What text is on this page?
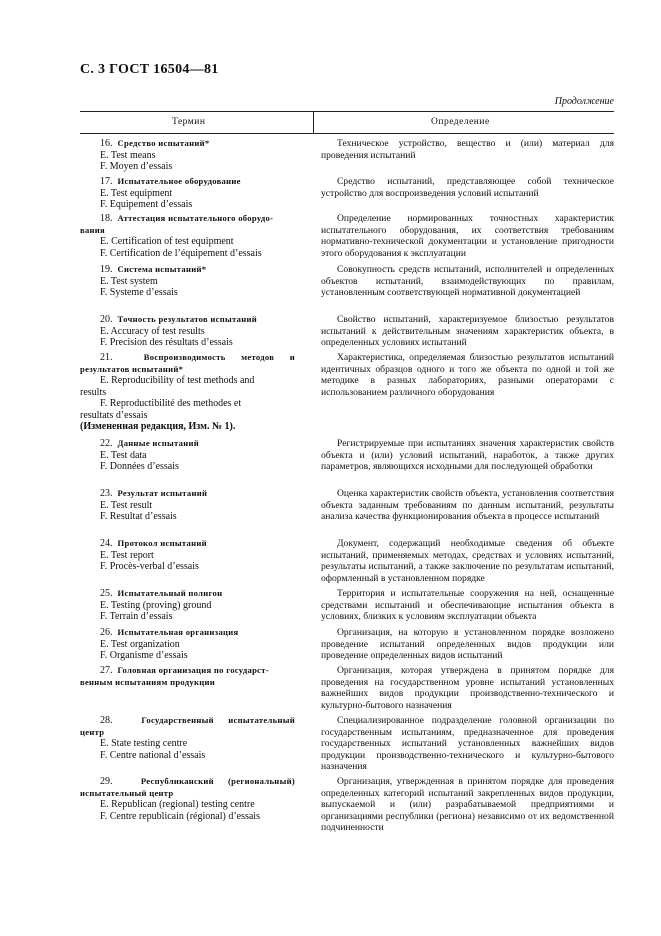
С. 3 ГОСТ 16504—81
Продолжение
Термин	Определение
16. Средство испытаний*
E. Test means
F. Moyen d’essais
Техническое устройство, вещество и (или) материал для проведения испытаний
17. Испытательное оборудование
E. Test equipment
F. Equipement d’essais
Средство испытаний, представляющее собой техническое устройство для воспроизведения условий испытаний
18. Аттестация испытательного оборудо-
вания
E. Certification of test equipment
F. Certification de l’équipement d’essais
Определение нормированных точностных характеристик испытательного оборудования, их соответствия требованиям нормативно-технической документации и установление пригодности этого оборудования к эксплуатации
19. Система испытаний*
E. Test system
F. Systeme d’essais
Совокупность средств испытаний, исполнителей и определенных объектов испытаний, взаимодействующих по правилам, установленным соответствующей нормативной документацией
20. Точность результатов испытаний
E. Accuracy of test results
F. Precision des résultats d’essais
Свойство испытаний, характеризуемое близостью результатов испытаний к действительным значениям характеристик объекта, в определенных условиях испытаний
21.	Воспроизводимость методов и
результатов испытаний*
E. Reproducibility of test methods and
results
F. Reproductibilité des methodes et
resultats d’essais
(Измененная редакция, Изм. № 1).
Характеристика, определяемая близостью результатов испытаний идентичных образцов одного и того же объекта по одной и той же методике в разных лабораториях, разными операторами с использованием различного оборудования
22. Данные испытаний
E. Test data
F. Données d’essais
Регистрируемые при испытаниях значения характеристик свойств объекта и (или) условий испытаний, наработок, а также других параметров, являющихся исходными для последующей обработки
23. Результат испытаний
E. Test result
F. Resultat d’essais
Оценка характеристик свойств объекта, установления соответствия объекта заданным требованиям по данным испытаний, результаты анализа качества функционирования объекта в процессе испытаний
24. Протокол испытаний
E. Test report
F. Procès-verbal d’essais
Документ, содержащий необходимые сведения об объекте испытаний, применяемых методах, средствах и условиях испытаний, результаты испытаний, а также заключение по результатам испытаний, оформленный в установленном порядке
25. Испытательный полигон
E. Testing (proving) ground
F. Terrain d’essais
Территория и испытательные сооружения на ней, оснащенные средствами испытаний и обеспечивающие испытания объекта в условиях, близких к условиям эксплуатации объекта
26. Испытательная организация
E. Test organization
F. Organisme d’essais
Организация, на которую в установленном порядке возложено проведение испытаний определенных видов продукции или проведение определенных видов испытаний
27. Головная организация по государст-
венным испытаниям продукции
Организация, которая утверждена в принятом порядке для проведения на государственном уровне испытаний установленных важнейших видов продукции производственно-технического и культурно-бытового назначения
28.	Государственный испытательный
центр
E. State testing centre
F. Centre national d’essais
Специализированное подразделение головной организации по государственным испытаниям, предназначенное для проведения государственных испытаний установленных важнейших видов продукции производственно-технического и культурно-бытового назначения
29.	Республиканский (региональный)
испытательный центр
E. Republican (regional) testing centre
F. Centre republicain (régional) d’essais
Организация, утвержденная в принятом порядке для проведения определенных категорий испытаний закрепленных видов продукции, выпускаемой и (или) разрабатываемой предприятиями и организациями республики (региона) независимо от их ведомственной подчиненности
